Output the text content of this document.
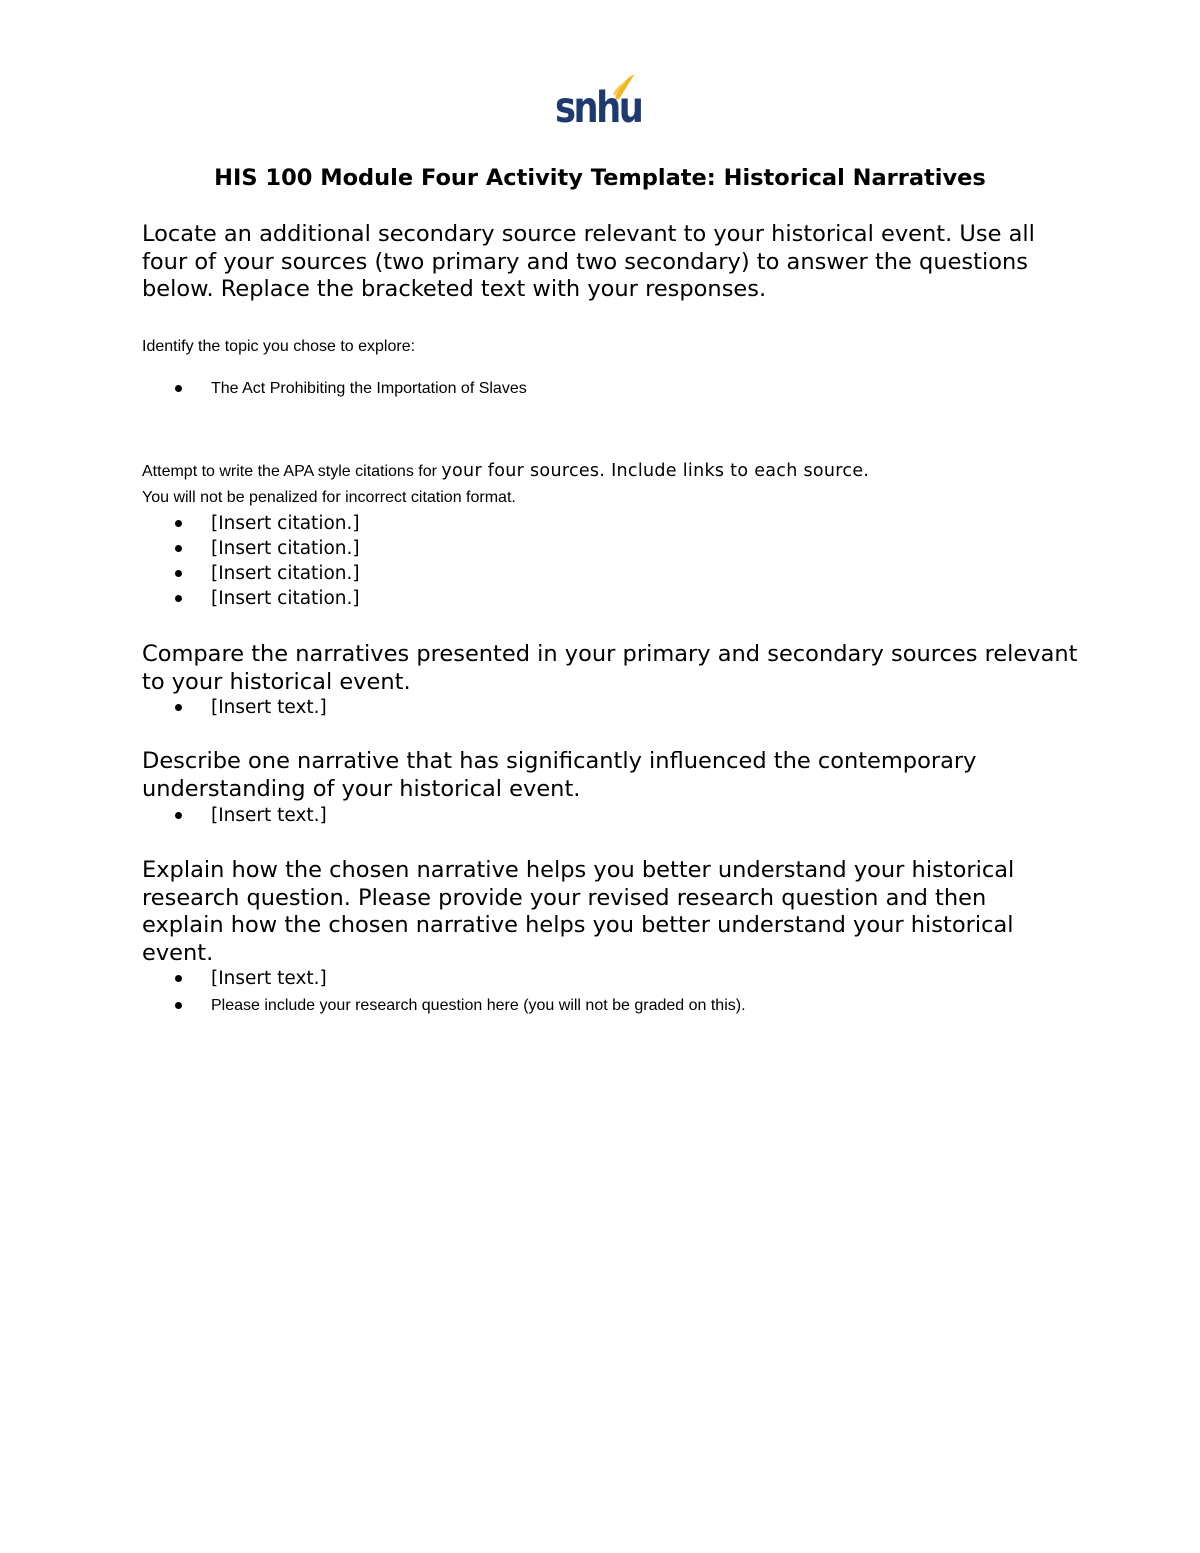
snhu
HIS 100 Module Four Activity Template: Historical Narratives

Locate an additional secondary source relevant to your historical event. Use all four of your sources (two primary and two secondary) to answer the questions below. Replace the bracketed text with your responses.

Identify the topic you chose to explore:

The Act Prohibiting the Importation of Slaves

Attempt to write the APA style citations for your four sources. Include links to each source.

You will not be penalized for incorrect citation format.

[Insert citation.]
[Insert citation.]
[Insert citation.]
[Insert citation.]

Compare the narratives presented in your primary and secondary sources relevant to your historical event.

[Insert text.]

Describe one narrative that has significantly influenced the contemporary understanding of your historical event.

[Insert text.]

Explain how the chosen narrative helps you better understand your historical research question. Please provide your revised research question and then explain how the chosen narrative helps you better understand your historical event.

[Insert text.]
Please include your research question here (you will not be graded on this).
